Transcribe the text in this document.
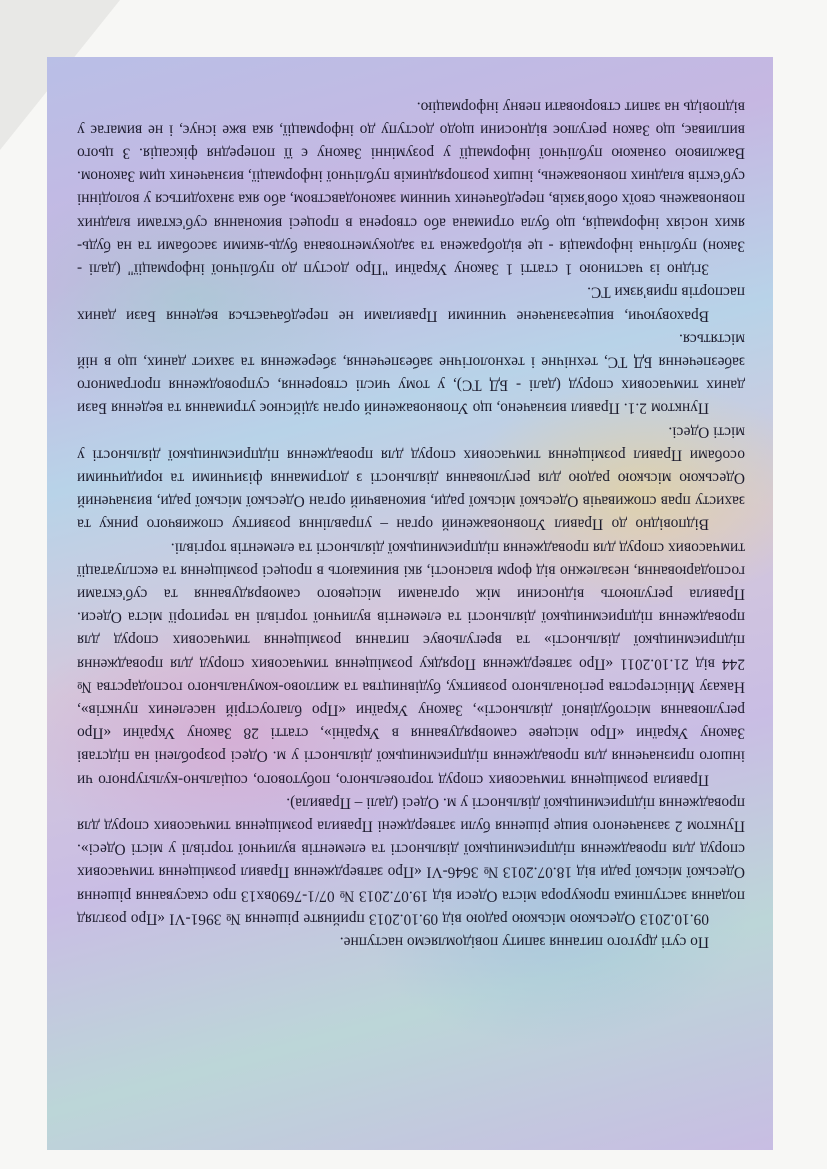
По суті другого питання запиту повідомляємо наступне.

09.10.2013 Одеською міською радою від 09.10.2013 прийняте рішення № 3961-VI «Про розгляд подання заступника прокурора міста Одеси від 19.07.2013 № 07/1-7690вх13 про скасування рішення Одеської міської ради від 18.07.2013 № 3646-VI «Про затвердження Правил розміщення тимчасових споруд для провадження підприємницької діяльності та елементів вуличної торгівлі у місті Одесі». Пунктом 2 зазначеного вище рішення були затверджені Правила розміщення тимчасових споруд для провадження підприємницької діяльності у м. Одесі (далі – Правила).

Правила розміщення тимчасових споруд торговельного, побутового, соціально-культурного чи іншого призначення для провадження підприємницької діяльності у м. Одесі розроблені на підставі Закону України «Про місцеве самоврядування в Україні», статті 28 Закону України «Про регулювання містобудівної діяльності», Закону України «Про благоустрій населених пунктів», Наказу Міністерства регіонального розвитку, будівництва та житлово-комунального господарства № 244 від 21.10.2011 «Про затвердження Порядку розміщення тимчасових споруд для провадження підприємницької діяльності» та врегульовує питання розміщення тимчасових споруд для провадження підприємницької діяльності та елементів вуличної торгівлі на території міста Одеси. Правила регулюють відносини між органами місцевого самоврядування та суб'єктами господарювання, незалежно від форм власності, які виникають в процесі розміщення та експлуатації тимчасових споруд для провадження підприємницької діяльності та елементів торгівлі.

Відповідно до Правил Уповноважений орган – управління розвитку споживчого ринку та захисту прав споживачів Одеської міської ради, виконавчий орган Одеської міської ради, визначений Одеською міською радою для регулювання діяльності з дотримання фізичними та юридичними особами Правил розміщення тимчасових споруд для провадження підприємницької діяльності у місті Одесі.

Пунктом 2.1. Правил визначено, що Уповноважений орган здійснює утримання та ведення Бази даних тимчасових споруд (далі - БД ТС), у тому числі створення, супроводження програмного забезпечення БД ТС, технічне і технологічне забезпечення, збереження та захист даних, що в ній містяться.

Враховуючи, вищезазначене чинними Правилами не передбачається ведення Бази даних паспортів прив'язки ТС.

Згідно із частиною 1 статті 1 Закону України "Про доступ до публічної інформації" (далі - Закон) публічна інформація - це відображена та задокументована будь-якими засобами та на будь-яких носіях інформація, що була отримана або створена в процесі виконання суб'єктами владних повноважень своїх обов'язків, передбачених чинним законодавством, або яка знаходиться у володінні суб'єктів владних повноважень, інших розпорядників публічної інформації, визначених цим Законом. Важливою ознакою публічної інформації у розумінні Закону є її попередня фіксація. З цього випливає, що Закон регулює відносини щодо доступу до інформації, яка вже існує, і не вимагає у відповідь на запит створювати певну інформацію.
